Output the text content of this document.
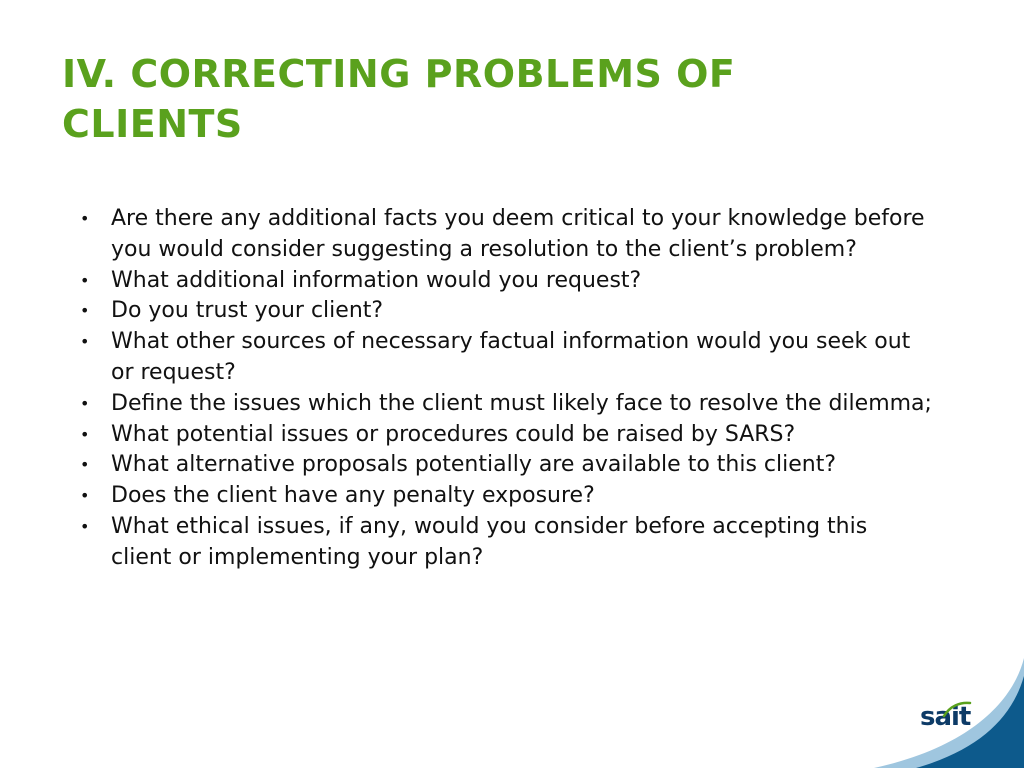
IV. CORRECTING PROBLEMS OF
CLIENTS
• Are there any additional facts you deem critical to your knowledge before you would consider suggesting a resolution to the client’s problem?
• What additional information would you request?
• Do you trust your client?
• What other sources of necessary factual information would you seek out or request?
• Define the issues which the client must likely face to resolve the dilemma;
• What potential issues or procedures could be raised by SARS?
• What alternative proposals potentially are available to this client?
• Does the client have any penalty exposure?
• What ethical issues, if any, would you consider before accepting this client or implementing your plan?
sait
